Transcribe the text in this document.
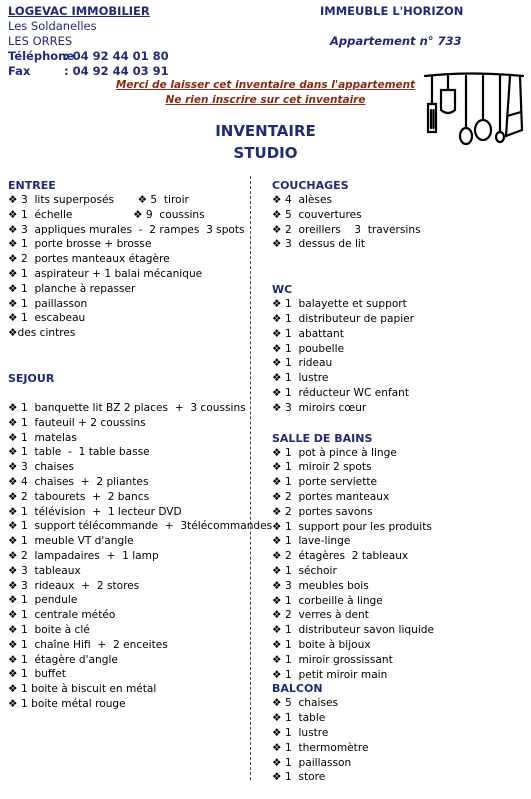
LOGEVAC IMMOBILIER
Les Soldanelles
LES ORRES
Téléphone: 04 92 44 01 80
Fax	: 04 92 44 03 91
IMMEUBLE L'HORIZON
Appartement n° 733
Merci de laisser cet inventaire dans l'appartement
Ne rien inscrire sur cet inventaire
INVENTAIRE
STUDIO
ENTREE
❖ 3  lits superposés       ❖ 5  tiroir
❖ 1  échelle                  ❖ 9  coussins
❖ 3  appliques murales  -  2 rampes  3 spots
❖ 1  porte brosse + brosse
❖ 2  portes manteaux étagère
❖ 1  aspirateur + 1 balai mécanique
❖ 1  planche à repasser
❖ 1  paillasson
❖ 1  escabeau
❖des cintres
SEJOUR
❖ 1  banquette lit BZ 2 places  +  3 coussins
❖ 1  fauteuil + 2 coussins
❖ 1  matelas
❖ 1  table  -  1 table basse
❖ 3  chaises
❖ 4  chaises  +  2 pliantes
❖ 2  tabourets  +  2 bancs
❖ 1  télévision  +  1 lecteur DVD
❖ 1  support télécommande  +  3télécommandes
❖ 1  meuble VT d'angle
❖ 2  lampadaires  +  1 lamp
❖ 3  tableaux
❖ 3  rideaux  +  2 stores
❖ 1  pendule
❖ 1  centrale météo
❖ 1  boite à clé
❖ 1  chaîne Hifi  +  2 enceites
❖ 1  étagère d'angle
❖ 1  buffet
❖ 1 boite à biscuit en métal
❖ 1 boite métal rouge
COUCHAGES
❖ 4  alèses
❖ 5  couvertures
❖ 2  oreillers    3  traversins
❖ 3  dessus de lit
WC
❖ 1  balayette et support
❖ 1  distributeur de papier
❖ 1  abattant
❖ 1  poubelle
❖ 1  rideau
❖ 1  lustre
❖ 1  réducteur WC enfant
❖ 3  miroirs cœur
SALLE DE BAINS
❖ 1  pot à pince à linge
❖ 1  miroir 2 spots
❖ 1  porte serviette
❖ 2  portes manteaux
❖ 2  portes savons
❖ 1  support pour les produits
❖ 1  lave-linge
❖ 2  étagères  2 tableaux
❖ 1  séchoir
❖ 3  meubles bois
❖ 1  corbeille à linge
❖ 2  verres à dent
❖ 1  distributeur savon liquide
❖ 1  boite à bijoux
❖ 1  miroir grossissant
❖ 1  petit miroir main
BALCON
❖ 5  chaises
❖ 1  table
❖ 1  lustre
❖ 1  thermomètre
❖ 1  paillasson
❖ 1  store
